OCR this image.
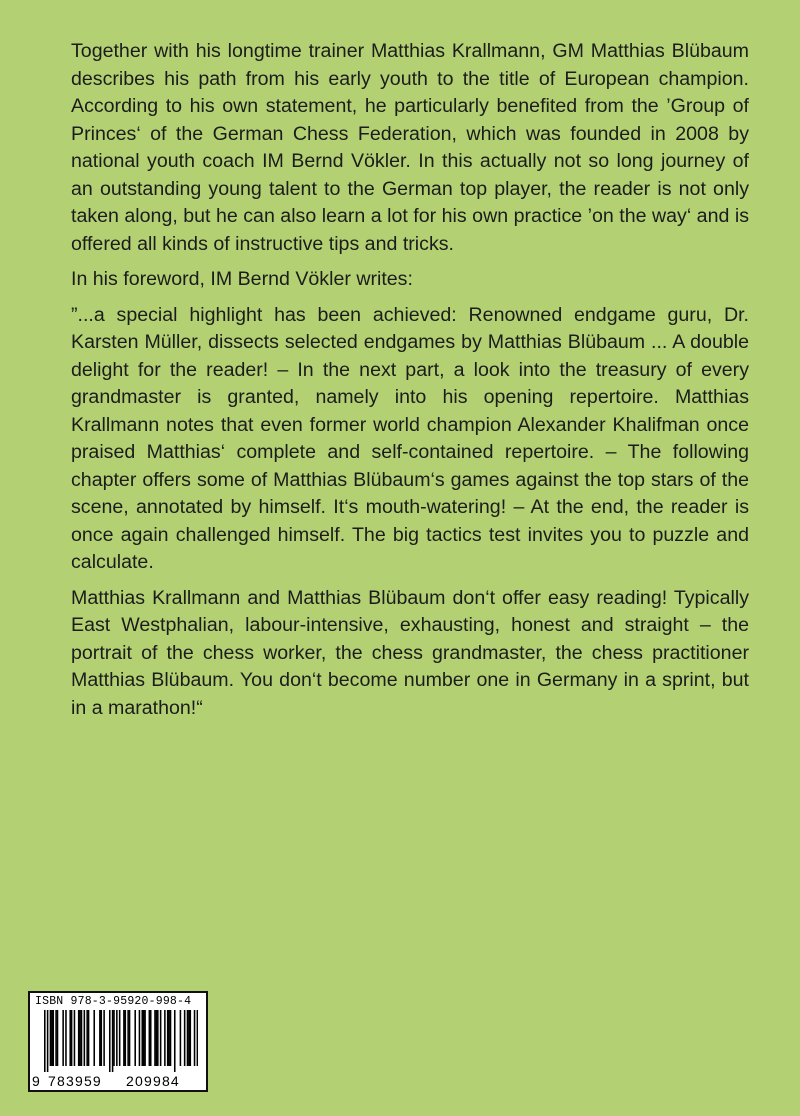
Together with his longtime trainer Matthias Krallmann, GM Matthias Blübaum describes his path from his early youth to the title of European champion. According to his own statement, he particularly benefited from the ’Group of Princes‘ of the German Chess Federation, which was founded in 2008 by national youth coach IM Bernd Vökler. In this actually not so long journey of an outstanding young talent to the German top player, the reader is not only taken along, but he can also learn a lot for his own practice ’on the way‘ and is offered all kinds of instructive tips and tricks.

In his foreword, IM Bernd Vökler writes:

”...a special highlight has been achieved: Renowned endgame guru, Dr. Karsten Müller, dissects selected endgames by Matthias Blübaum ... A double delight for the reader! – In the next part, a look into the treasury of every grandmaster is granted, namely into his opening repertoire. Matthias Krallmann notes that even former world champion Alexander Khalifman once praised Matthias‘ complete and self-contained repertoire. – The following chapter offers some of Matthias Blübaum‘s games against the top stars of the scene, annotated by himself. It‘s mouth-watering! – At the end, the reader is once again challenged himself. The big tactics test invites you to puzzle and calculate.

Matthias Krallmann and Matthias Blübaum don‘t offer easy reading! Typically East Westphalian, labour-intensive, exhausting, honest and straight – the portrait of the chess worker, the chess grandmaster, the chess practitioner Matthias Blübaum. You don‘t become number one in Germany in a sprint, but in a marathon!“

ISBN 978-3-95920-998-4
9 783959	209984
